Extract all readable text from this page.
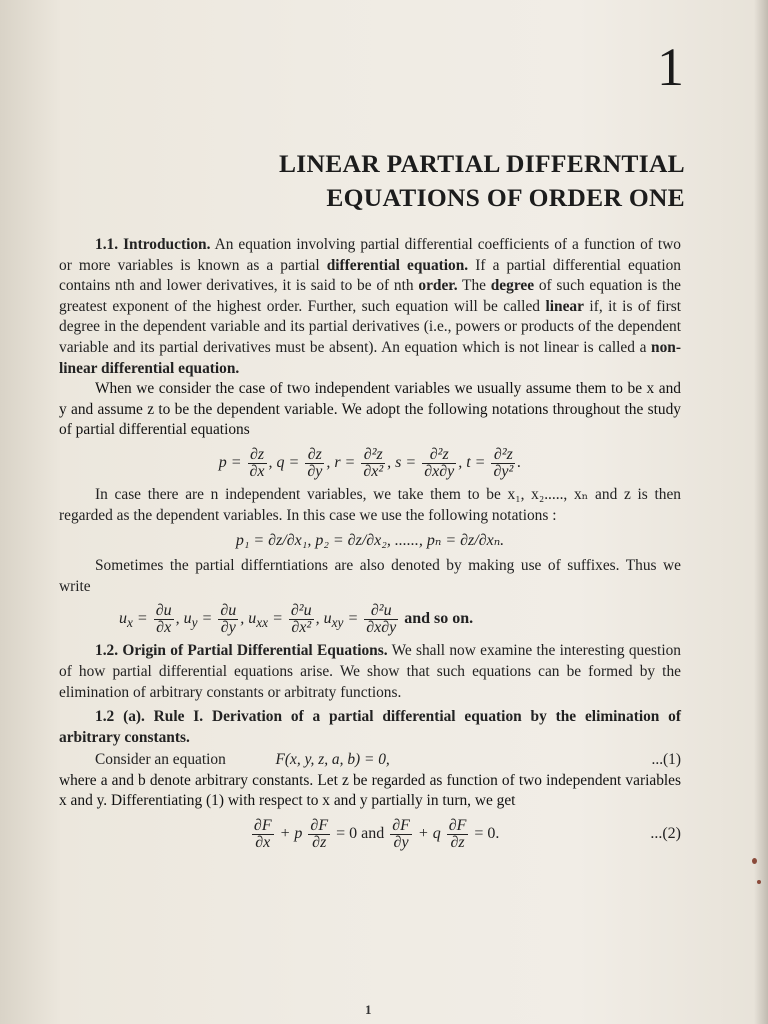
1
LINEAR PARTIAL DIFFERNTIAL
EQUATIONS OF ORDER ONE

1.1. Introduction. An equation involving partial differential coefficients of a function of two or more variables is known as a partial differential equation. If a partial differential equation contains nth and lower derivatives, it is said to be of nth order. The degree of such equation is the greatest exponent of the highest order. Further, such equation will be called linear if, it is of first degree in the dependent variable and its partial derivatives (i.e., powers or products of the dependent variable and its partial derivatives must be absent). An equation which is not linear is called a non-linear differential equation.

When we consider the case of two independent variables we usually assume them to be x and y and assume z to be the dependent variable. We adopt the following notations throughout the study of partial differential equations

$p = \frac{\partial z}{\partial x}$ , $q = \frac{\partial z}{\partial y}$ , $r = \frac{\text{∂²z}}{\text{∂x²}}$ , $s = \frac{\text{∂²z}}{\partial x\partial y}$ , $t = \frac{\text{∂²z}}{\text{∂y²}}$ .

In case there are n independent variables, we take them to be x₁, x₂....., xₙ and z is then regarded as the dependent variables. In this case we use the following notations :

p₁ = ∂z/∂x₁, p₂ = ∂z/∂x₂, ......, pₙ = ∂z/∂xₙ.

Sometimes the partial differntiations are also denoted by making use of suffixes. Thus we write

$u_x = \frac{\partial u}{\partial x}$ , $u_y = \frac{\partial u}{\partial y}$ , $u_{xx} = \frac{\text{∂²u}}{\text{∂x²}}$ , $u_{xy} = \frac{\text{∂²u}}{\partial x\partial y}$ and so on.

1.2. Origin of Partial Differential Equations. We shall now examine the interesting question of how partial differential equations arise. We show that such equations can be formed by the elimination of arbitrary constants or arbitraty functions.

1.2 (a). Rule I. Derivation of a partial differential equation by the elimination of arbitrary constants.

Consider an equation	F(x, y, z, a, b) = 0,	...(1)

where a and b denote arbitrary constants. Let z be regarded as function of two independent variables x and y. Differentiating (1) with respect to x and y partially in turn, we get

$\frac{\partial F}{\partial x} + p \frac{\partial F}{\partial z} = 0$ and $\frac{\partial F}{\partial y} + q \frac{\partial F}{\partial z} = 0$.	...(2)
1
